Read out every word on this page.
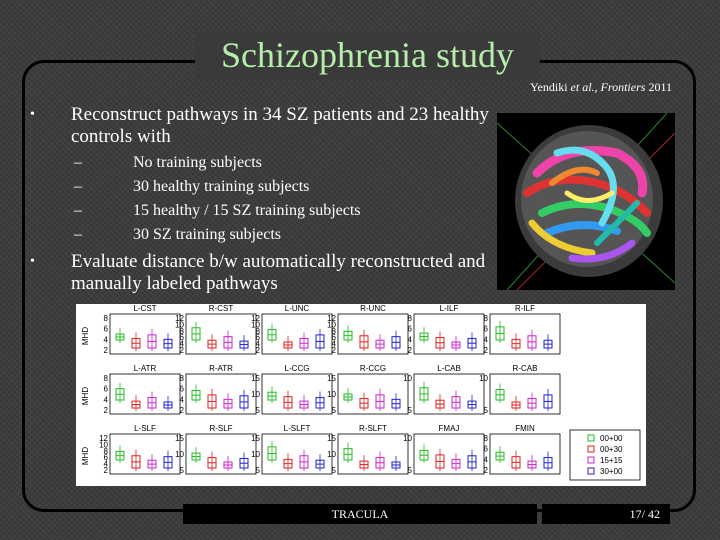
Schizophrenia study
Yendiki et al., Frontiers 2011
•	Reconstruct pathways in 34 SZ patients and 23 healthy controls with
–	No training subjects
–	30 healthy training subjects
–	15 healthy / 15 SZ training subjects
–	30 SZ training subjects
•	Evaluate distance b/w automatically reconstructed and manually labeled pathways
L-CST
8
6
4
2
R-CST
12
10
8
6
4
2
L-UNC
12
10
8
6
4
2
R-UNC
12
10
8
6
4
2
L-ILF
8
6
4
2
R-ILF
8
6
4
2
L-ATR
8
6
4
2
R-ATR
8
6
4
2
L-CCG
15
10
5
R-CCG
15
10
5
L-CAB
10
5
R-CAB
10
5
L-SLF
12
10
8
6
4
2
R-SLF
15
10
5
L-SLFT
15
10
5
R-SLFT
15
10
5
FMAJ
10
5
FMIN
8
6
4
2
MHD
MHD
MHD
00+00
00+30
15+15
30+00
TRACULA	17/ 42
